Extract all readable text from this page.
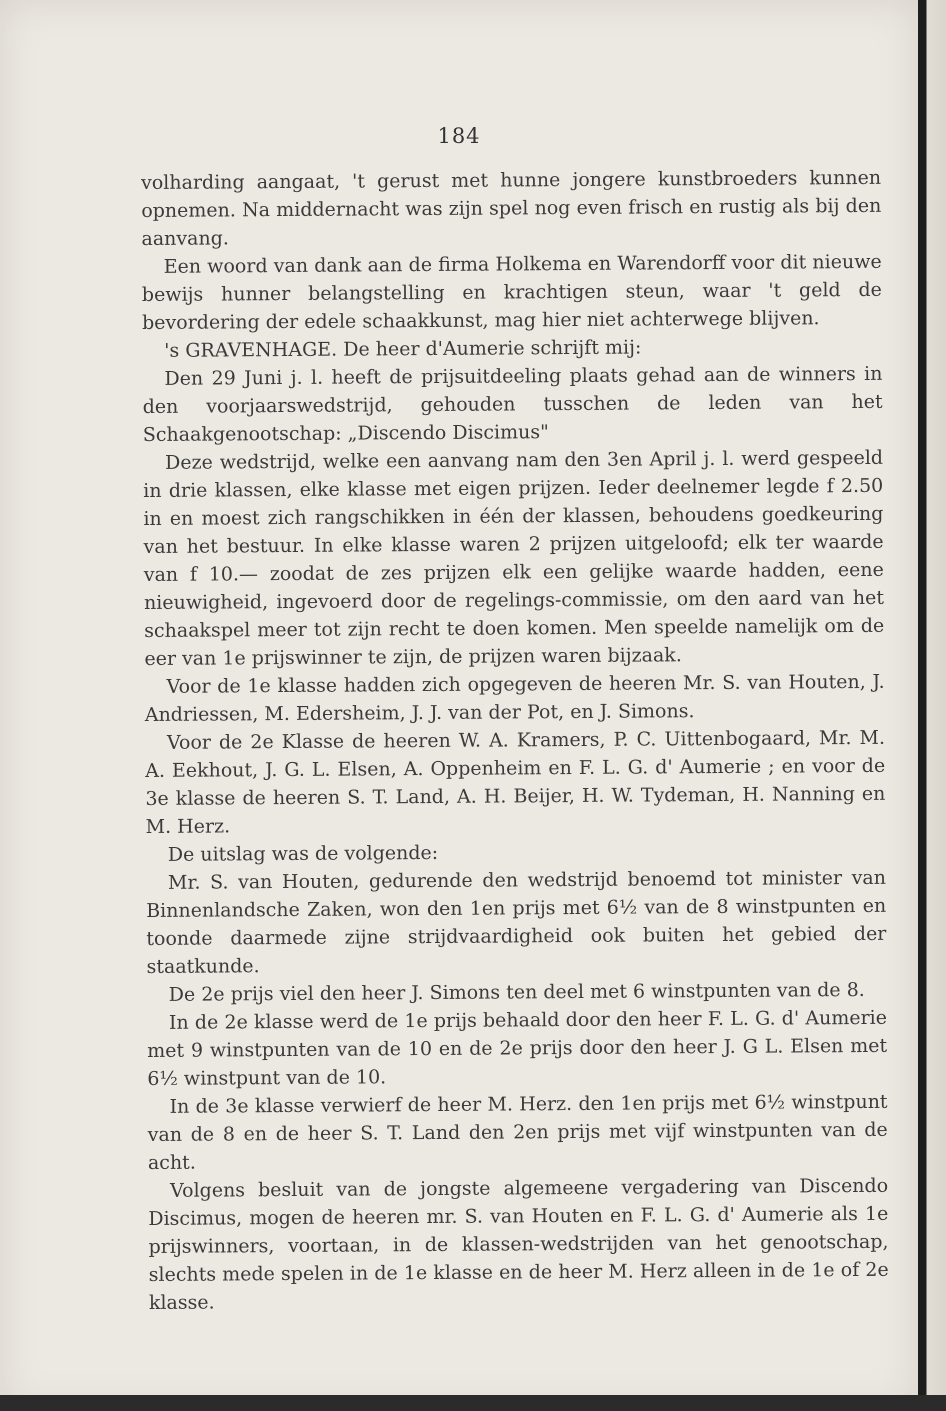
184

volharding aangaat, 't gerust met hunne jongere kunstbroeders kunnen opnemen. Na middernacht was zijn spel nog even frisch en rustig als bij den aanvang.

Een woord van dank aan de firma Holkema en Warendorff voor dit nieuwe bewijs hunner belangstelling en krachtigen steun, waar 't geld de bevordering der edele schaakkunst, mag hier niet achterwege blijven.

's GRAVENHAGE. De heer d'Aumerie schrijft mij:

Den 29 Juni j. l. heeft de prijsuitdeeling plaats gehad aan de winners in den voorjaarswedstrijd, gehouden tusschen de leden van het Schaakgenootschap: „Discendo Discimus"

Deze wedstrijd, welke een aanvang nam den 3en April j. l. werd gespeeld in drie klassen, elke klasse met eigen prijzen. Ieder deelnemer legde f 2.50 in en moest zich rangschikken in één der klassen, behoudens goedkeuring van het bestuur. In elke klasse waren 2 prijzen uitgeloofd; elk ter waarde van f 10.— zoodat de zes prijzen elk een gelijke waarde hadden, eene nieuwigheid, ingevoerd door de regelings-commissie, om den aard van het schaakspel meer tot zijn recht te doen komen. Men speelde namelijk om de eer van 1e prijswinner te zijn, de prijzen waren bijzaak.

Voor de 1e klasse hadden zich opgegeven de heeren Mr. S. van Houten, J. Andriessen, M. Edersheim, J. J. van der Pot, en J. Simons.

Voor de 2e Klasse de heeren W. A. Kramers, P. C. Uittenbogaard, Mr. M. A. Eekhout, J. G. L. Elsen, A. Oppenheim en F. L. G. d' Aumerie ; en voor de 3e klasse de heeren S. T. Land, A. H. Beijer, H. W. Tydeman, H. Nanning en M. Herz.

De uitslag was de volgende:

Mr. S. van Houten, gedurende den wedstrijd benoemd tot minister van Binnenlandsche Zaken, won den 1en prijs met 6½ van de 8 winstpunten en toonde daarmede zijne strijdvaardigheid ook buiten het gebied der staatkunde.

De 2e prijs viel den heer J. Simons ten deel met 6 winstpunten van de 8.

In de 2e klasse werd de 1e prijs behaald door den heer F. L. G. d' Aumerie met 9 winstpunten van de 10 en de 2e prijs door den heer J. G L. Elsen met 6½ winstpunt van de 10.

In de 3e klasse verwierf de heer M. Herz. den 1en prijs met 6½ winstpunt van de 8 en de heer S. T. Land den 2en prijs met vijf winstpunten van de acht.

Volgens besluit van de jongste algemeene vergadering van Discendo Discimus, mogen de heeren mr. S. van Houten en F. L. G. d' Aumerie als 1e prijswinners, voortaan, in de klassen-wedstrijden van het genootschap, slechts mede spelen in de 1e klasse en de heer M. Herz alleen in de 1e of 2e klasse.
